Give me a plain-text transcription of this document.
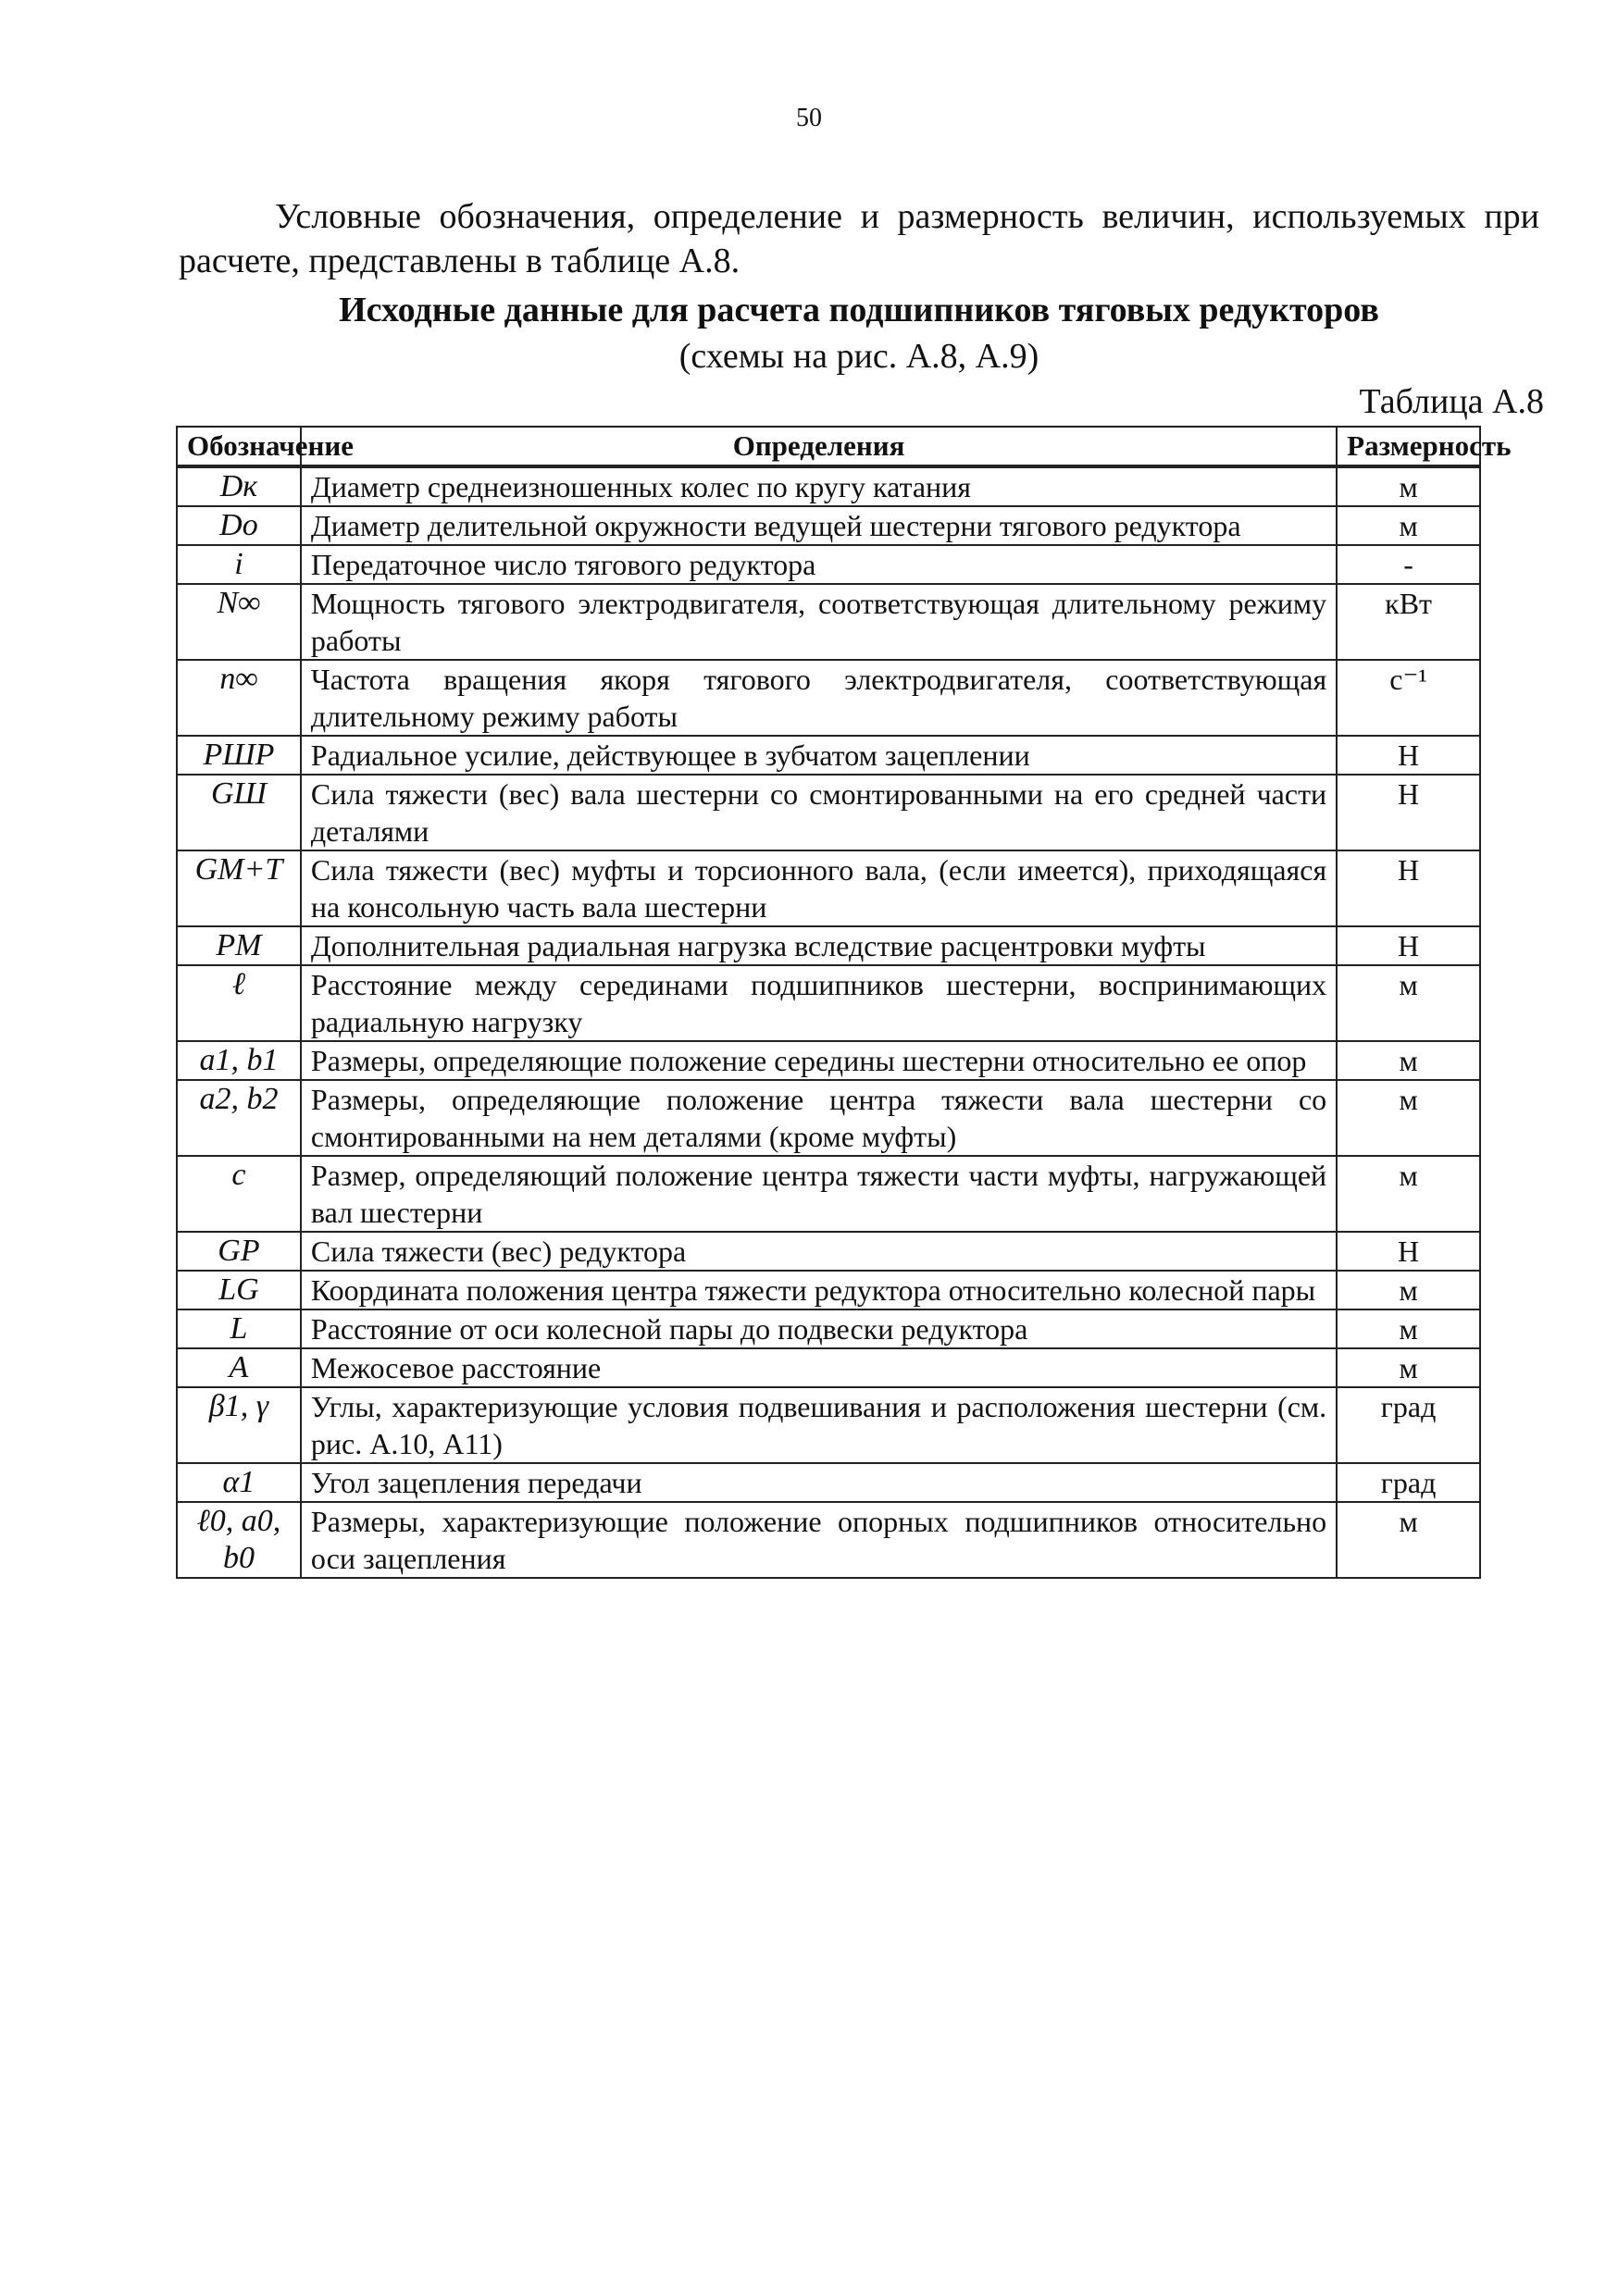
50

Условные обозначения, определение и размерность величин, используемых при расчете, представлены в таблице А.8.

Исходные данные для расчета подшипников тяговых редукторов
(схемы на рис. А.8, А.9)
Таблица А.8
Обозначение	Определения	Размерность
Dк	Диаметр среднеизношенных колес по кругу катания	м
Do	Диаметр делительной окружности ведущей шестерни тягового редуктора	м
i	Передаточное число тягового редуктора	-
N∞	Мощность тягового электродвигателя, соответствующая длительному режиму работы	кВт
n∞	Частота вращения якоря тягового электродвигателя, соответствующая длительному режиму работы	с⁻¹
PШР	Радиальное усилие, действующее в зубчатом зацеплении	Н
GШ	Сила тяжести (вес) вала шестерни со смонтированными на его средней части деталями	Н
GМ+Т	Сила тяжести (вес) муфты и торсионного вала, (если имеется), приходящаяся на консольную часть вала шестерни	Н
PМ	Дополнительная радиальная нагрузка вследствие расцентровки муфты	Н
ℓ	Расстояние между серединами подшипников шестерни, воспринимающих радиальную нагрузку	м
a1, b1	Размеры, определяющие положение середины шестерни относительно ее опор	м
a2, b2	Размеры, определяющие положение центра тяжести вала шестерни со смонтированными на нем деталями (кроме муфты)	м
c	Размер, определяющий положение центра тяжести части муфты, нагружающей вал шестерни	м
GР	Сила тяжести (вес) редуктора	Н
LG	Координата положения центра тяжести редуктора относительно колесной пары	м
L	Расстояние от оси колесной пары до подвески редуктора	м
A	Межосевое расстояние	м
β1, γ	Углы, характеризующие условия подвешивания и расположения шестерни (см. рис. А.10, А11)	град
α1	Угол зацепления передачи	град
ℓ0, a0, b0	Размеры, характеризующие положение опорных подшипников относительно оси зацепления	м
